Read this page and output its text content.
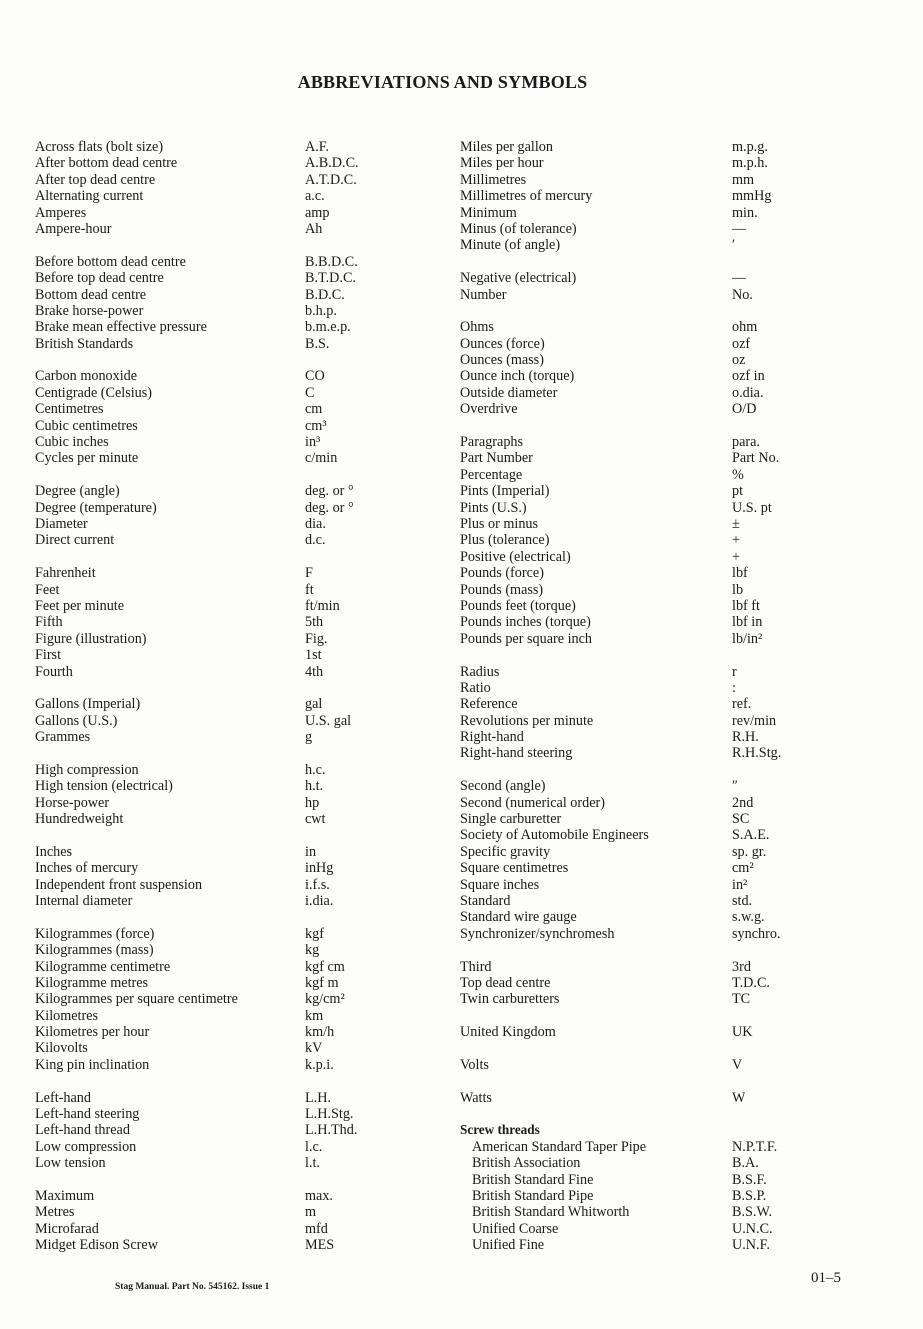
ABBREVIATIONS AND SYMBOLS
Across flats (bolt size)	A.F.
After bottom dead centre	A.B.D.C.
After top dead centre	A.T.D.C.
Alternating current	a.c.
Amperes	amp
Ampere-hour	Ah
Before bottom dead centre	B.B.D.C.
Before top dead centre	B.T.D.C.
Bottom dead centre	B.D.C.
Brake horse-power	b.h.p.
Brake mean effective pressure	b.m.e.p.
British Standards	B.S.
Carbon monoxide	CO
Centigrade (Celsius)	C
Centimetres	cm
Cubic centimetres	cm³
Cubic inches	in³
Cycles per minute	c/min
Degree (angle)	deg. or °
Degree (temperature)	deg. or °
Diameter	dia.
Direct current	d.c.
Fahrenheit	F
Feet	ft
Feet per minute	ft/min
Fifth	5th
Figure (illustration)	Fig.
First	1st
Fourth	4th
Gallons (Imperial)	gal
Gallons (U.S.)	U.S. gal
Grammes	g
High compression	h.c.
High tension (electrical)	h.t.
Horse-power	hp
Hundredweight	cwt
Inches	in
Inches of mercury	inHg
Independent front suspension	i.f.s.
Internal diameter	i.dia.
Kilogrammes (force)	kgf
Kilogrammes (mass)	kg
Kilogramme centimetre	kgf cm
Kilogramme metres	kgf m
Kilogrammes per square centimetre	kg/cm²
Kilometres	km
Kilometres per hour	km/h
Kilovolts	kV
King pin inclination	k.p.i.
Left-hand	L.H.
Left-hand steering	L.H.Stg.
Left-hand thread	L.H.Thd.
Low compression	l.c.
Low tension	l.t.
Maximum	max.
Metres	m
Microfarad	mfd
Midget Edison Screw	MES
Miles per gallon	m.p.g.
Miles per hour	m.p.h.
Millimetres	mm
Millimetres of mercury	mmHg
Minimum	min.
Minus (of tolerance)	—
Minute (of angle)	′
Negative (electrical)	—
Number	No.
Ohms	ohm
Ounces (force)	ozf
Ounces (mass)	oz
Ounce inch (torque)	ozf in
Outside diameter	o.dia.
Overdrive	O/D
Paragraphs	para.
Part Number	Part No.
Percentage	%
Pints (Imperial)	pt
Pints (U.S.)	U.S. pt
Plus or minus	±
Plus (tolerance)	+
Positive (electrical)	+
Pounds (force)	lbf
Pounds (mass)	lb
Pounds feet (torque)	lbf ft
Pounds inches (torque)	lbf in
Pounds per square inch	lb/in²
Radius	r
Ratio	:
Reference	ref.
Revolutions per minute	rev/min
Right-hand	R.H.
Right-hand steering	R.H.Stg.
Second (angle)	″
Second (numerical order)	2nd
Single carburetter	SC
Society of Automobile Engineers	S.A.E.
Specific gravity	sp. gr.
Square centimetres	cm²
Square inches	in²
Standard	std.
Standard wire gauge	s.w.g.
Synchronizer/synchromesh	synchro.
Third	3rd
Top dead centre	T.D.C.
Twin carburetters	TC
United Kingdom	UK
Volts	V
Watts	W
Screw threads
American Standard Taper Pipe	N.P.T.F.
British Association	B.A.
British Standard Fine	B.S.F.
British Standard Pipe	B.S.P.
British Standard Whitworth	B.S.W.
Unified Coarse	U.N.C.
Unified Fine	U.N.F.
Stag Manual. Part No. 545162. Issue 1
01–5
